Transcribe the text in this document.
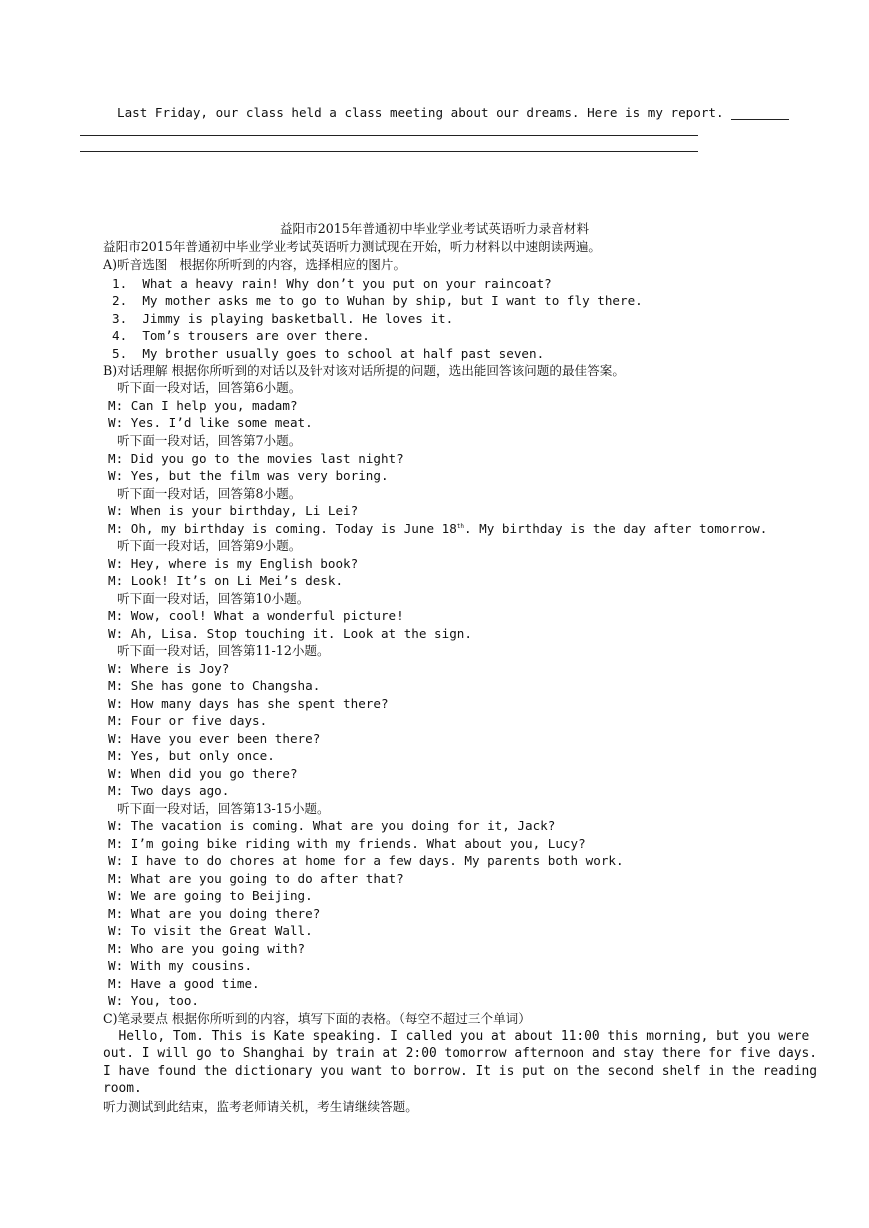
Last Friday, our class held a class meeting about our dreams. Here is my report.
益阳市2015年普通初中毕业学业考试英语听力录音材料
益阳市2015年普通初中毕业学业考试英语听力测试现在开始，听力材料以中速朗读两遍。
A)听音选图   根据你所听到的内容，选择相应的图片。
1.  What a heavy rain! Why don’t you put on your raincoat?
2.  My mother asks me to go to Wuhan by ship, but I want to fly there.
3.  Jimmy is playing basketball. He loves it.
4.  Tom’s trousers are over there.
5.  My brother usually goes to school at half past seven.
B)对话理解 根据你所听到的对话以及针对该对话所提的问题，选出能回答该问题的最佳答案。
听下面一段对话，回答第6小题。
M: Can I help you, madam?
W: Yes. I’d like some meat.
听下面一段对话，回答第7小题。
M: Did you go to the movies last night?
W: Yes, but the film was very boring.
听下面一段对话，回答第8小题。
W: When is your birthday, Li Lei?
M: Oh, my birthday is coming. Today is June 18th. My birthday is the day after tomorrow.
听下面一段对话，回答第9小题。
W: Hey, where is my English book?
M: Look! It’s on Li Mei’s desk.
听下面一段对话，回答第10小题。
M: Wow, cool! What a wonderful picture!
W: Ah, Lisa. Stop touching it. Look at the sign.
听下面一段对话，回答第11-12小题。
W: Where is Joy?
M: She has gone to Changsha.
W: How many days has she spent there?
M: Four or five days.
W: Have you ever been there?
M: Yes, but only once.
W: When did you go there?
M: Two days ago.
听下面一段对话，回答第13-15小题。
W: The vacation is coming. What are you doing for it, Jack?
M: I’m going bike riding with my friends. What about you, Lucy?
W: I have to do chores at home for a few days. My parents both work.
M: What are you going to do after that?
W: We are going to Beijing.
M: What are you doing there?
W: To visit the Great Wall.
M: Who are you going with?
W: With my cousins.
M: Have a good time.
W: You, too.
C)笔录要点 根据你所听到的内容，填写下面的表格。（每空不超过三个单词）
Hello, Tom. This is Kate speaking. I called you at about 11:00 this morning, but you were
out. I will go to Shanghai by train at 2:00 tomorrow afternoon and stay there for five days.
I have found the dictionary you want to borrow. It is put on the second shelf in the reading
room.
听力测试到此结束，监考老师请关机，考生请继续答题。
